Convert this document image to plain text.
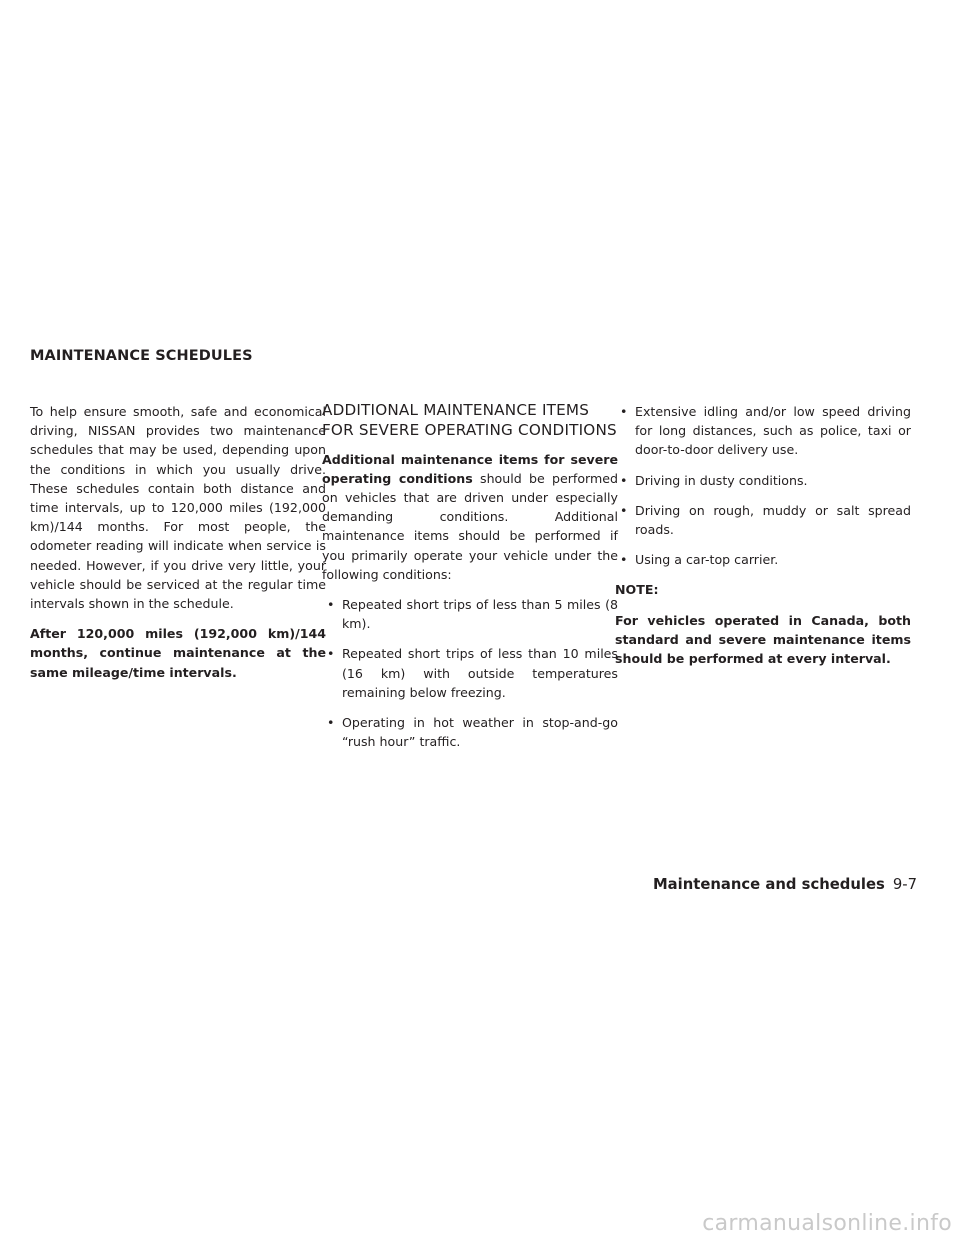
MAINTENANCE SCHEDULES

To help ensure smooth, safe and economical driving, NISSAN provides two maintenance schedules that may be used, depending upon the conditions in which you usually drive. These schedules contain both distance and time intervals, up to 120,000 miles (192,000 km)/144 months. For most people, the odometer reading will indicate when service is needed. However, if you drive very little, your vehicle should be serviced at the regular time intervals shown in the schedule.

After 120,000 miles (192,000 km)/144 months, continue maintenance at the same mileage/time intervals.

ADDITIONAL MAINTENANCE ITEMS FOR SEVERE OPERATING CONDITIONS

Additional maintenance items for severe operating conditions should be performed on vehicles that are driven under especially demanding conditions. Additional maintenance items should be performed if you primarily operate your vehicle under the following conditions:

• Repeated short trips of less than 5 miles (8 km).
• Repeated short trips of less than 10 miles (16 km) with outside temperatures remaining below freezing.
• Operating in hot weather in stop-and-go “rush hour” traffic.
• Extensive idling and/or low speed driving for long distances, such as police, taxi or door-to-door delivery use.
• Driving in dusty conditions.
• Driving on rough, muddy or salt spread roads.
• Using a car-top carrier.

NOTE:

For vehicles operated in Canada, both standard and severe maintenance items should be performed at every interval.

Maintenance and schedules 9-7
carmanualsonline.info
